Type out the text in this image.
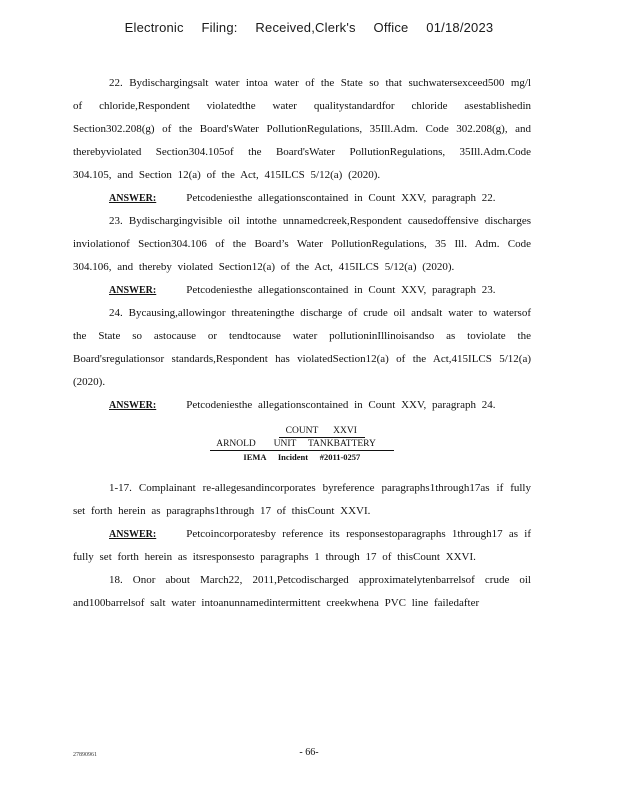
Electronic Filing: Received,Clerk's Office 01/18/2023

22. Bydischargingsalt water intoa water of the State so that suchwatersexceed500 mg/l of chloride,Respondent violatedthe water qualitystandardfor chloride asestablishedin Section302.208(g) of the Board'sWater PollutionRegulations, 35Ill.Adm. Code 302.208(g), and therebyviolated Section304.105of the Board'sWater PollutionRegulations, 35Ill.Adm.Code 304.105, and Section 12(a) of the Act, 415ILCS 5/12(a) (2020).

ANSWER:	Petcodeniesthe allegationscontained in Count XXV, paragraph 22.

23. Bydischargingvisible oil intothe unnamedcreek,Respondent causedoffensive discharges inviolationof Section304.106 of the Board’s Water PollutionRegulations, 35 Ill. Adm. Code 304.106, and thereby violated Section12(a) of the Act, 415ILCS 5/12(a) (2020).

ANSWER:	Petcodeniesthe allegationscontained in Count XXV, paragraph 23.

24. Bycausing,allowingor threateningthe discharge of crude oil andsalt water to watersof the State so astocause or tendtocause water pollutioninIllinoisandso as toviolate the Board'sregulationsor standards,Respondent has violatedSection12(a) of the Act,415ILCS 5/12(a) (2020).

ANSWER:	Petcodeniesthe allegationscontained in Count XXV, paragraph 24.

COUNT	XXVI
ARNOLD	UNIT	TANKBATTERY
IEMA	Incident	#2011-0257

1-17. Complainant re-allegesandincorporates byreference paragraphs1through17as if fully set forth herein as paragraphs1through 17 of thisCount XXVI.

ANSWER:	Petcoincorporatesby reference its responsestoparagraphs 1through17 as if fully set forth herein as itsresponsesto paragraphs 1 through 17 of thisCount XXVI.

18. Onor about March22, 2011,Petcodischarged approximatelytenbarrelsof crude oil and100barrelsof salt water intoanunnamedintermittent creekwhena PVC line failedafter

27890961	- 66-
